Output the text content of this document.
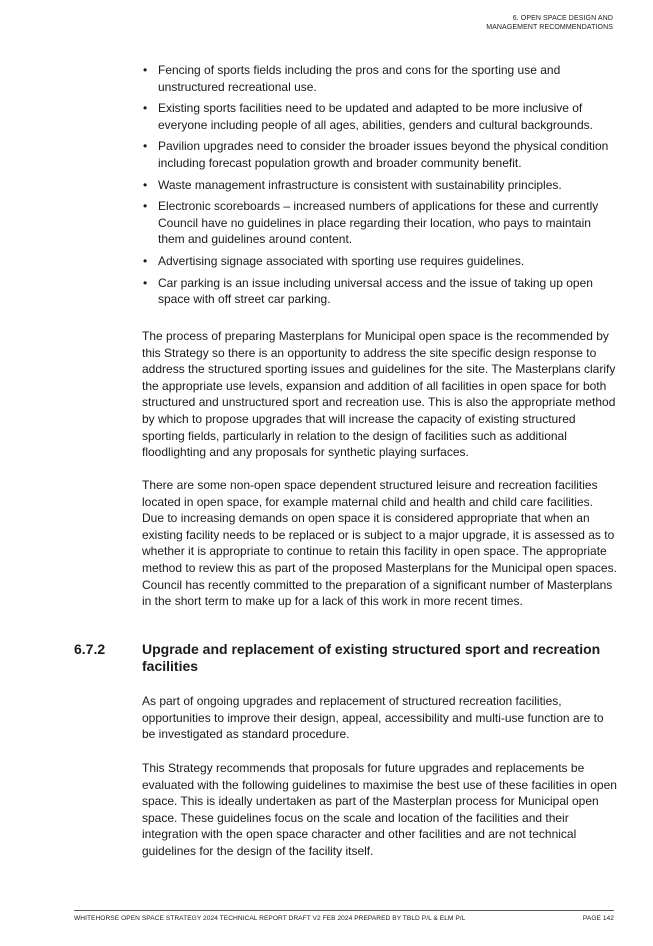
6. OPEN SPACE DESIGN AND
MANAGEMENT RECOMMENDATIONS
• Fencing of sports fields including the pros and cons for the sporting use and unstructured recreational use.
• Existing sports facilities need to be updated and adapted to be more inclusive of everyone including people of all ages, abilities, genders and cultural backgrounds.
• Pavilion upgrades need to consider the broader issues beyond the physical condition including forecast population growth and broader community benefit.
• Waste management infrastructure is consistent with sustainability principles.
• Electronic scoreboards – increased numbers of applications for these and currently Council have no guidelines in place regarding their location, who pays to maintain them and guidelines around content.
• Advertising signage associated with sporting use requires guidelines.
• Car parking is an issue including universal access and the issue of taking up open space with off street car parking.

The process of preparing Masterplans for Municipal open space is the recommended by this Strategy so there is an opportunity to address the site specific design response to address the structured sporting issues and guidelines for the site. The Masterplans clarify the appropriate use levels, expansion and addition of all facilities in open space for both structured and unstructured sport and recreation use. This is also the appropriate method by which to propose upgrades that will increase the capacity of existing structured sporting fields, particularly in relation to the design of facilities such as additional floodlighting and any proposals for synthetic playing surfaces.

There are some non-open space dependent structured leisure and recreation facilities located in open space, for example maternal child and health and child care facilities. Due to increasing demands on open space it is considered appropriate that when an existing facility needs to be replaced or is subject to a major upgrade, it is assessed as to whether it is appropriate to continue to retain this facility in open space. The appropriate method to review this as part of the proposed Masterplans for the Municipal open spaces. Council has recently committed to the preparation of a significant number of Masterplans in the short term to make up for a lack of this work in more recent times.

6.7.2	Upgrade and replacement of existing structured sport and recreation facilities

As part of ongoing upgrades and replacement of structured recreation facilities, opportunities to improve their design, appeal, accessibility and multi-use function are to be investigated as standard procedure.

This Strategy recommends that proposals for future upgrades and replacements be evaluated with the following guidelines to maximise the best use of these facilities in open space. This is ideally undertaken as part of the Masterplan process for Municipal open space. These guidelines focus on the scale and location of the facilities and their integration with the open space character and other facilities and are not technical guidelines for the design of the facility itself.

WHITEHORSE OPEN SPACE STRATEGY 2024 TECHNICAL REPORT DRAFT V2 FEB 2024 PREPARED BY TBLD P/L & ELM P/L	PAGE 142
